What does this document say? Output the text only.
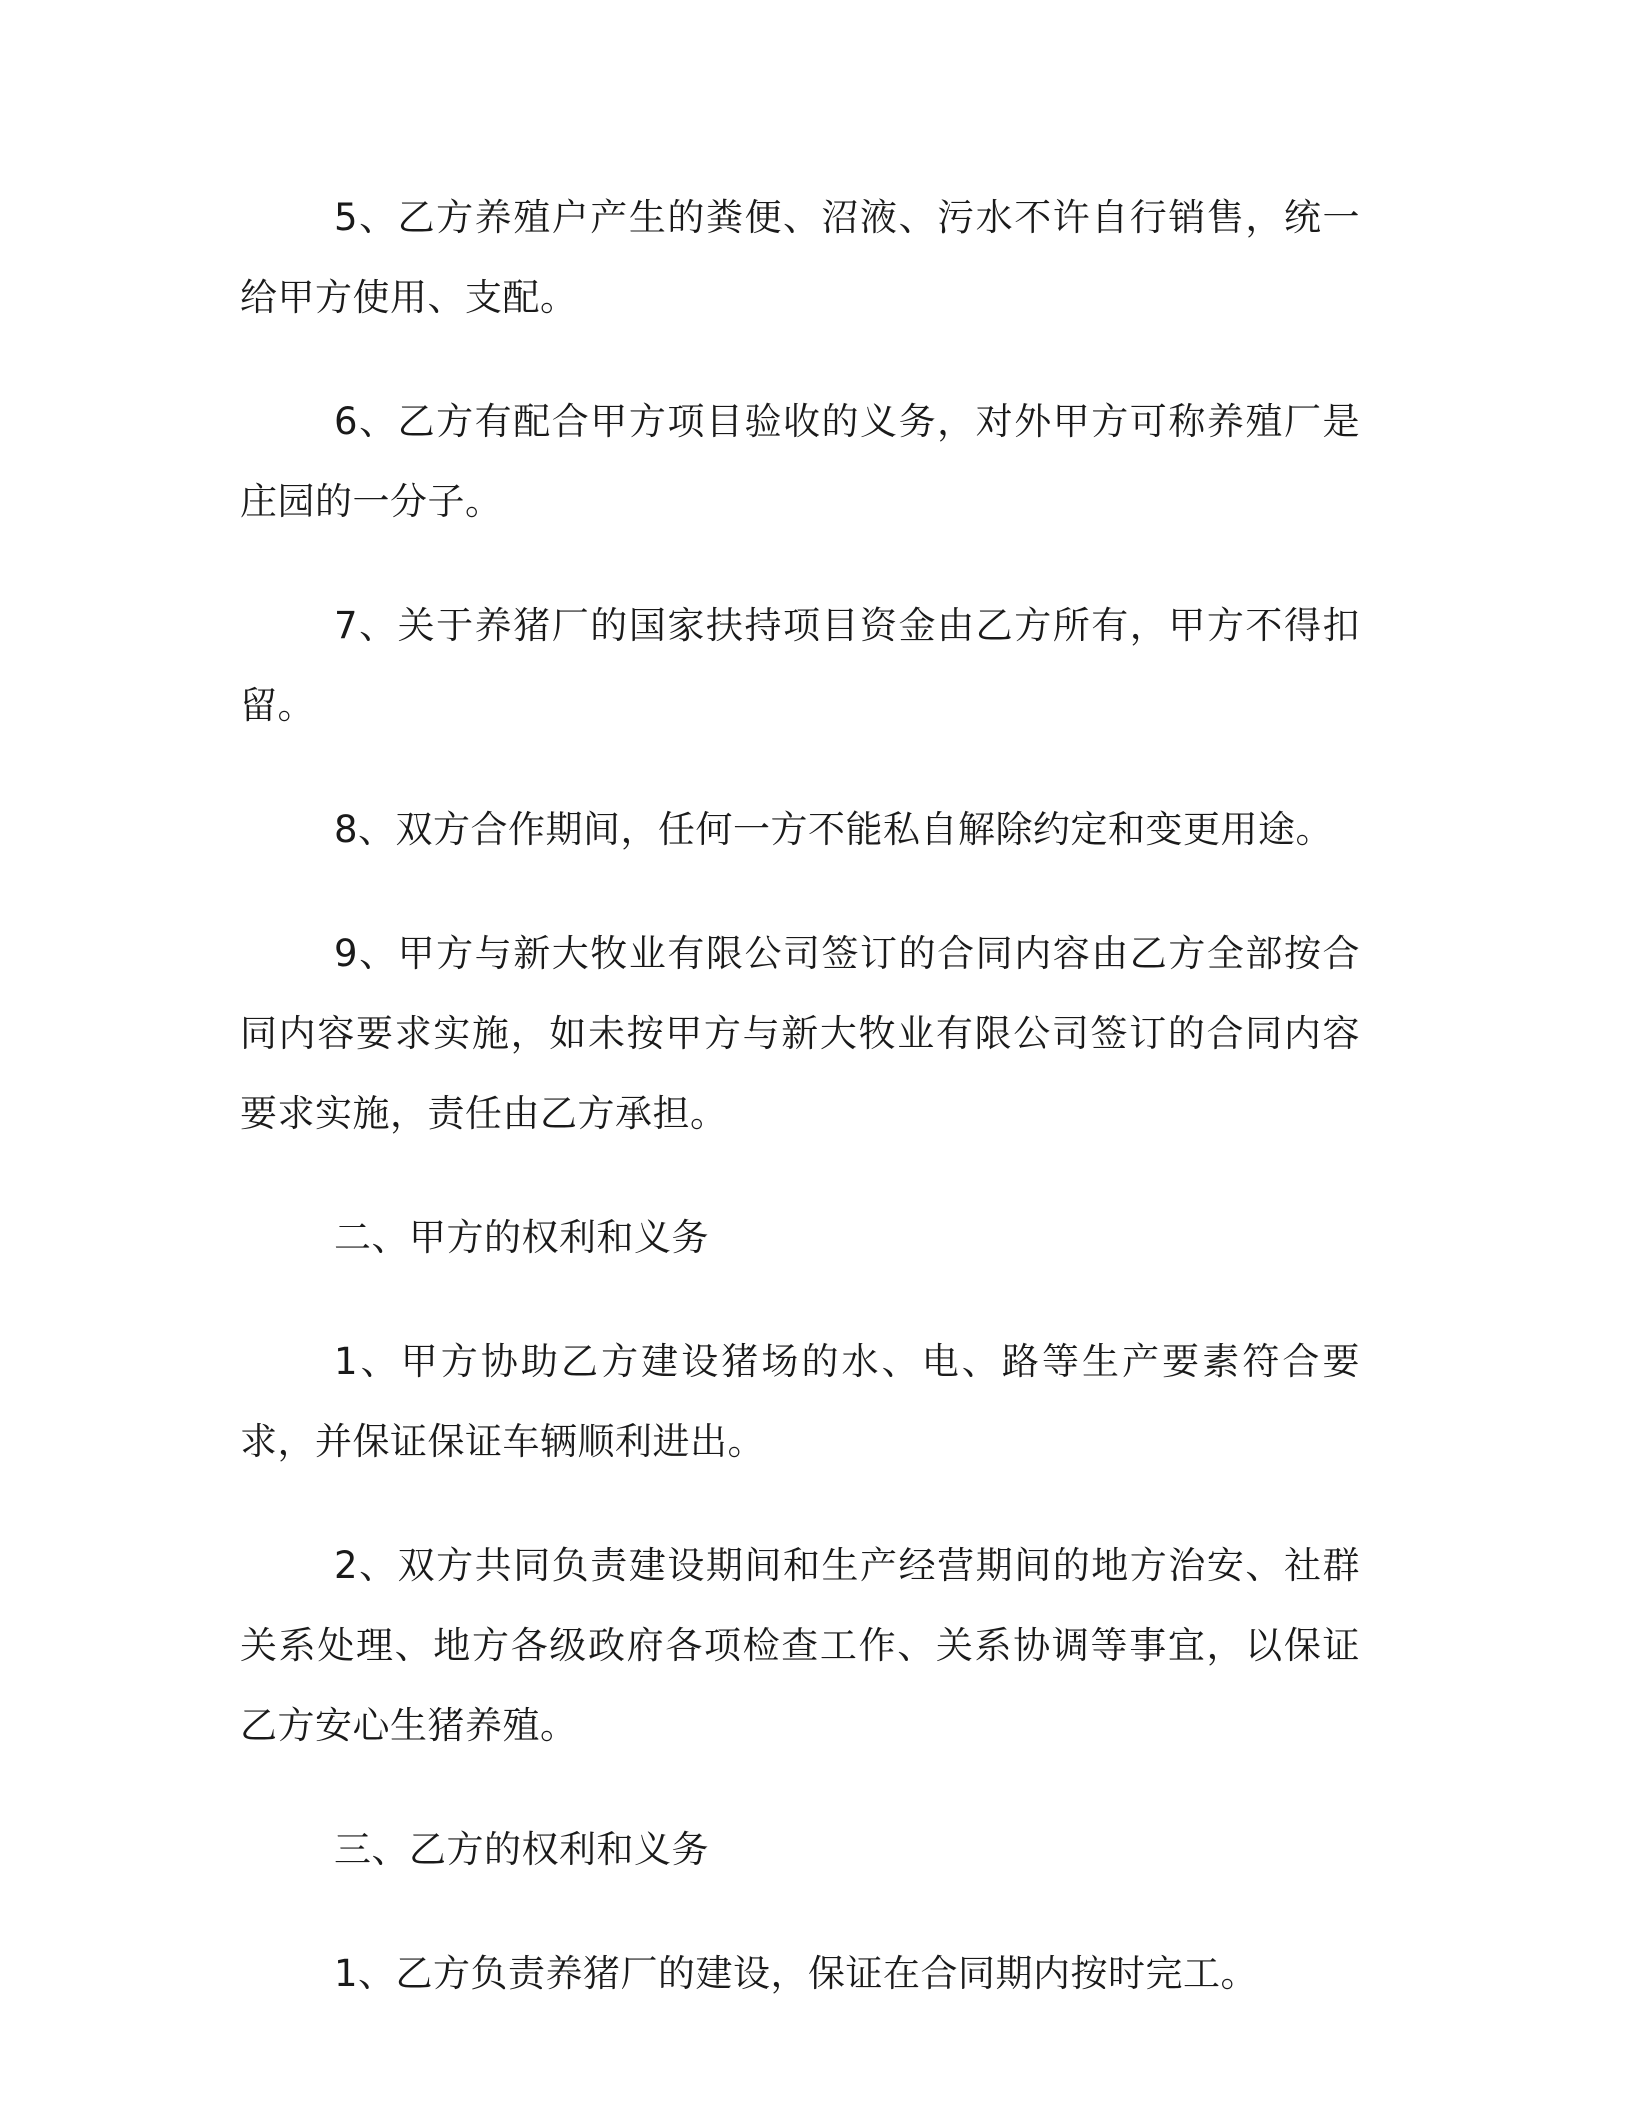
5、乙方养殖户产生的粪便、沼液、污水不许自行销售，统一给甲方使用、支配。

6、乙方有配合甲方项目验收的义务，对外甲方可称养殖厂是庄园的一分子。

7、关于养猪厂的国家扶持项目资金由乙方所有，甲方不得扣留。

8、双方合作期间，任何一方不能私自解除约定和变更用途。

9、甲方与新大牧业有限公司签订的合同内容由乙方全部按合同内容要求实施，如未按甲方与新大牧业有限公司签订的合同内容要求实施，责任由乙方承担。

二、甲方的权利和义务

1、甲方协助乙方建设猪场的水、电、路等生产要素符合要求，并保证保证车辆顺利进出。

2、双方共同负责建设期间和生产经营期间的地方治安、社群关系处理、地方各级政府各项检查工作、关系协调等事宜，以保证乙方安心生猪养殖。

三、乙方的权利和义务

1、乙方负责养猪厂的建设，保证在合同期内按时完工。
